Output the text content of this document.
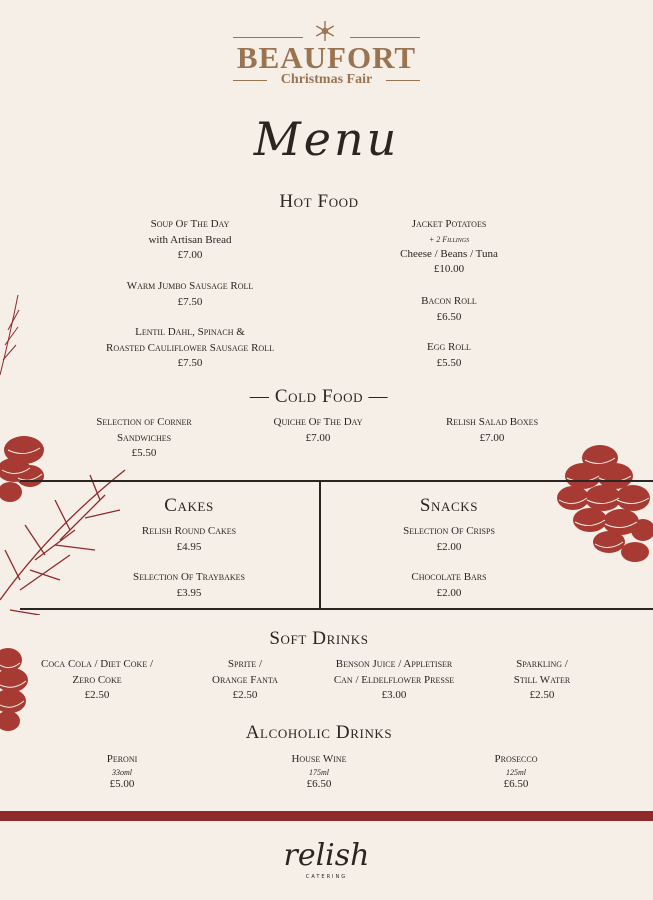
BEAUFORT
Christmas Fair
Menu
Hot Food
Soup Of The Day
with Artisan Bread
£7.00
Warm Jumbo Sausage Roll
£7.50
Lentil Dahl, Spinach &
Roasted Cauliflower Sausage Roll
£7.50
Jacket Potatoes
+ 2 Fillings
Cheese / Beans / Tuna
£10.00
Bacon Roll
£6.50
Egg Roll
£5.50
— Cold Food —
Selection of Corner
Sandwiches
£5.50
Quiche Of The Day
£7.00
Relish Salad Boxes
£7.00
Cakes
Relish Round Cakes
£4.95
Selection Of Traybakes
£3.95
Snacks
Selection Of Crisps
£2.00
Chocolate Bars
£2.00
Soft Drinks
Coca Cola / Diet Coke /
Zero Coke
£2.50
Sprite /
Orange Fanta
£2.50
Benson Juice / Appletiser
Can / Eldelflower Presse
£3.00
Sparkling /
Still Water
£2.50
Alcoholic Drinks
Peroni
33oml
£5.00
House Wine
175ml
£6.50
Prosecco
125ml
£6.50
relish
CATERING
